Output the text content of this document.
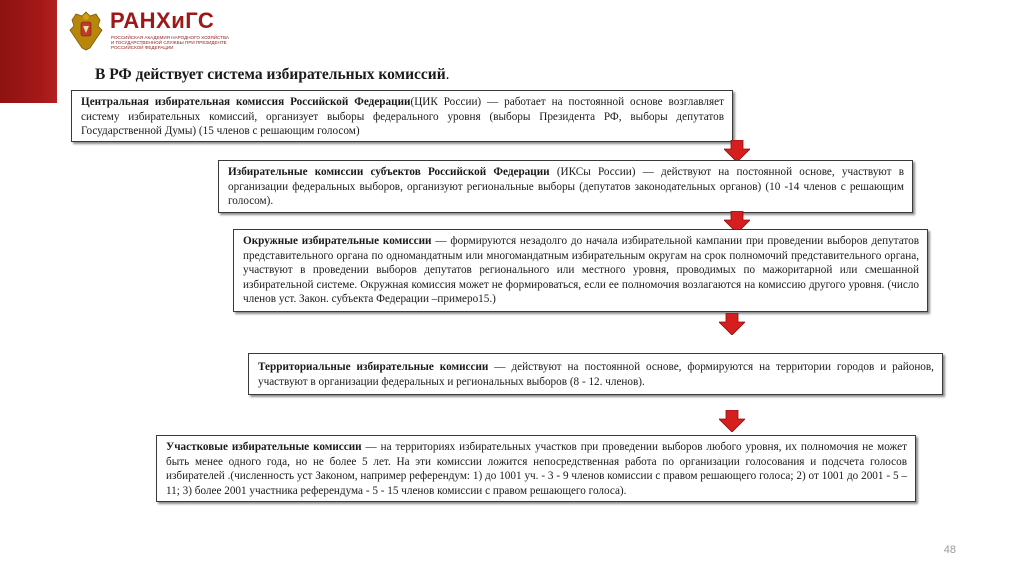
РАНХиГС
РОССИЙСКАЯ АКАДЕМИЯ НАРОДНОГО ХОЗЯЙСТВА И ГОСУДАРСТВЕННОЙ СЛУЖБЫ ПРИ ПРЕЗИДЕНТЕ РОССИЙСКОЙ ФЕДЕРАЦИИ
В РФ действует система избирательных комиссий.
Центральная избирательная комиссия Российской Федерации(ЦИК России) — работает на постоянной основе возглавляет систему избирательных комиссий, организует выборы федерального уровня (выборы Президента РФ, выборы депутатов Государственной Думы) (15 членов с решающим голосом)
Избирательные комиссии субъектов Российской Федерации (ИКСы России) — действуют на постоянной основе, участвуют в организации федеральных выборов, организуют региональные выборы (депутатов законодательных органов) (10 -14 членов с решающим голосом).
Окружные избирательные комиссии — формируются незадолго до начала избирательной кампании при проведении выборов депутатов представительного органа по одномандатным или многомандатным избирательным округам на срок полномочий представительного органа, участвуют в проведении выборов депутатов регионального или местного уровня, проводимых по мажоритарной или смешанной избирательной системе. Окружная комиссия может не формироваться, если ее полномочия возлагаются на комиссию другого уровня. (число членов уст. Закон. субъекта Федерации –примеро15.)
Территориальные избирательные комиссии — действуют на постоянной основе, формируются на территории городов и районов, участвуют в организации федеральных и региональных выборов (8 - 12. членов).
Участковые избирательные комиссии — на территориях избирательных участков при проведении выборов любого уровня, их полномочия не может быть менее одного года, но не более 5 лет. На эти комиссии ложится непосредственная работа по организации голосования и подсчета голосов избирателей .(численность уст Законом, например референдум: 1) до 1001 уч. - 3 - 9 членов комиссии с правом решающего голоса; 2) от 1001 до 2001 - 5 – 11; 3) более 2001 участника референдума - 5 - 15 членов комиссии с правом решающего голоса).
48
